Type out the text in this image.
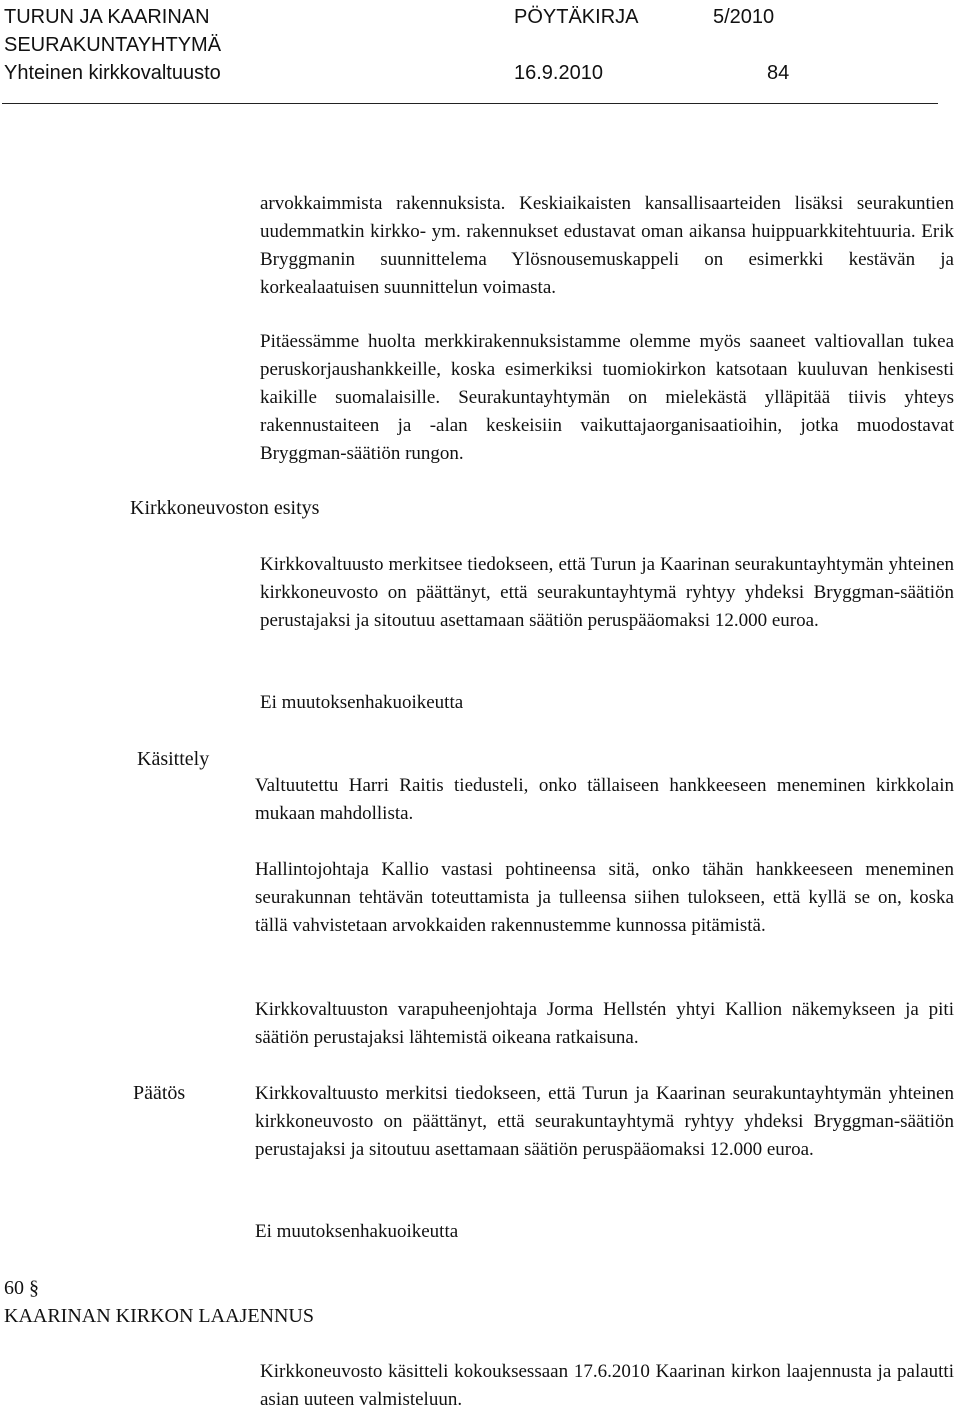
TURUN JA KAARINAN
SEURAKUNTAYHTYMÄ
Yhteinen kirkkovaltuusto
PÖYTÄKIRJA	5/2010
16.9.2010	84

arvokkaimmista rakennuksista. Keskiaikaisten kansallisaarteiden lisäksi seurakuntien uudemmatkin kirkko- ym. rakennukset edustavat oman aikansa huippuarkkitehtuuria. Erik Bryggmanin suunnittelema Ylösnousemuskappeli on esimerkki kestävän ja korkealaatuisen suunnittelun voimasta.

Pitäessämme huolta merkkirakennuksistamme olemme myös saaneet valtiovallan tukea peruskorjaushankkeille, koska esimerkiksi tuomiokirkon katsotaan kuuluvan henkisesti kaikille suomalaisille. Seurakuntayhtymän on mielekästä ylläpitää tiivis yhteys rakennustaiteen ja -alan keskeisiin vaikuttajaorganisaatioihin, jotka muodostavat Bryggman-säätiön rungon.

Kirkkoneuvoston esitys

Kirkkovaltuusto merkitsee tiedokseen, että Turun ja Kaarinan seurakuntayhtymän yhteinen kirkkoneuvosto on päättänyt, että seurakuntayhtymä ryhtyy yhdeksi Bryggman-säätiön perustajaksi ja sitoutuu asettamaan säätiön peruspääomaksi 12.000 euroa.

Ei muutoksenhakuoikeutta

Käsittely

Valtuutettu Harri Raitis tiedusteli, onko tällaiseen hankkeeseen meneminen kirkkolain mukaan mahdollista.

Hallintojohtaja Kallio vastasi pohtineensa sitä, onko tähän hankkeeseen meneminen seurakunnan tehtävän toteuttamista ja tulleensa siihen tulokseen, että kyllä se on, koska tällä vahvistetaan arvokkaiden rakennustemme kunnossa pitämistä.

Kirkkovaltuuston varapuheenjohtaja Jorma Hellstén yhtyi Kallion näkemykseen ja piti säätiön perustajaksi lähtemistä oikeana ratkaisuna.

Päätös	Kirkkovaltuusto merkitsi tiedokseen, että Turun ja Kaarinan seurakuntayhtymän yhteinen kirkkoneuvosto on päättänyt, että seurakuntayhtymä ryhtyy yhdeksi Bryggman-säätiön perustajaksi ja sitoutuu asettamaan säätiön peruspääomaksi 12.000 euroa.

Ei muutoksenhakuoikeutta

60 §
KAARINAN KIRKON LAAJENNUS

Kirkkoneuvosto käsitteli kokouksessaan 17.6.2010 Kaarinan kirkon laajennusta ja palautti asian uuteen valmisteluun.
